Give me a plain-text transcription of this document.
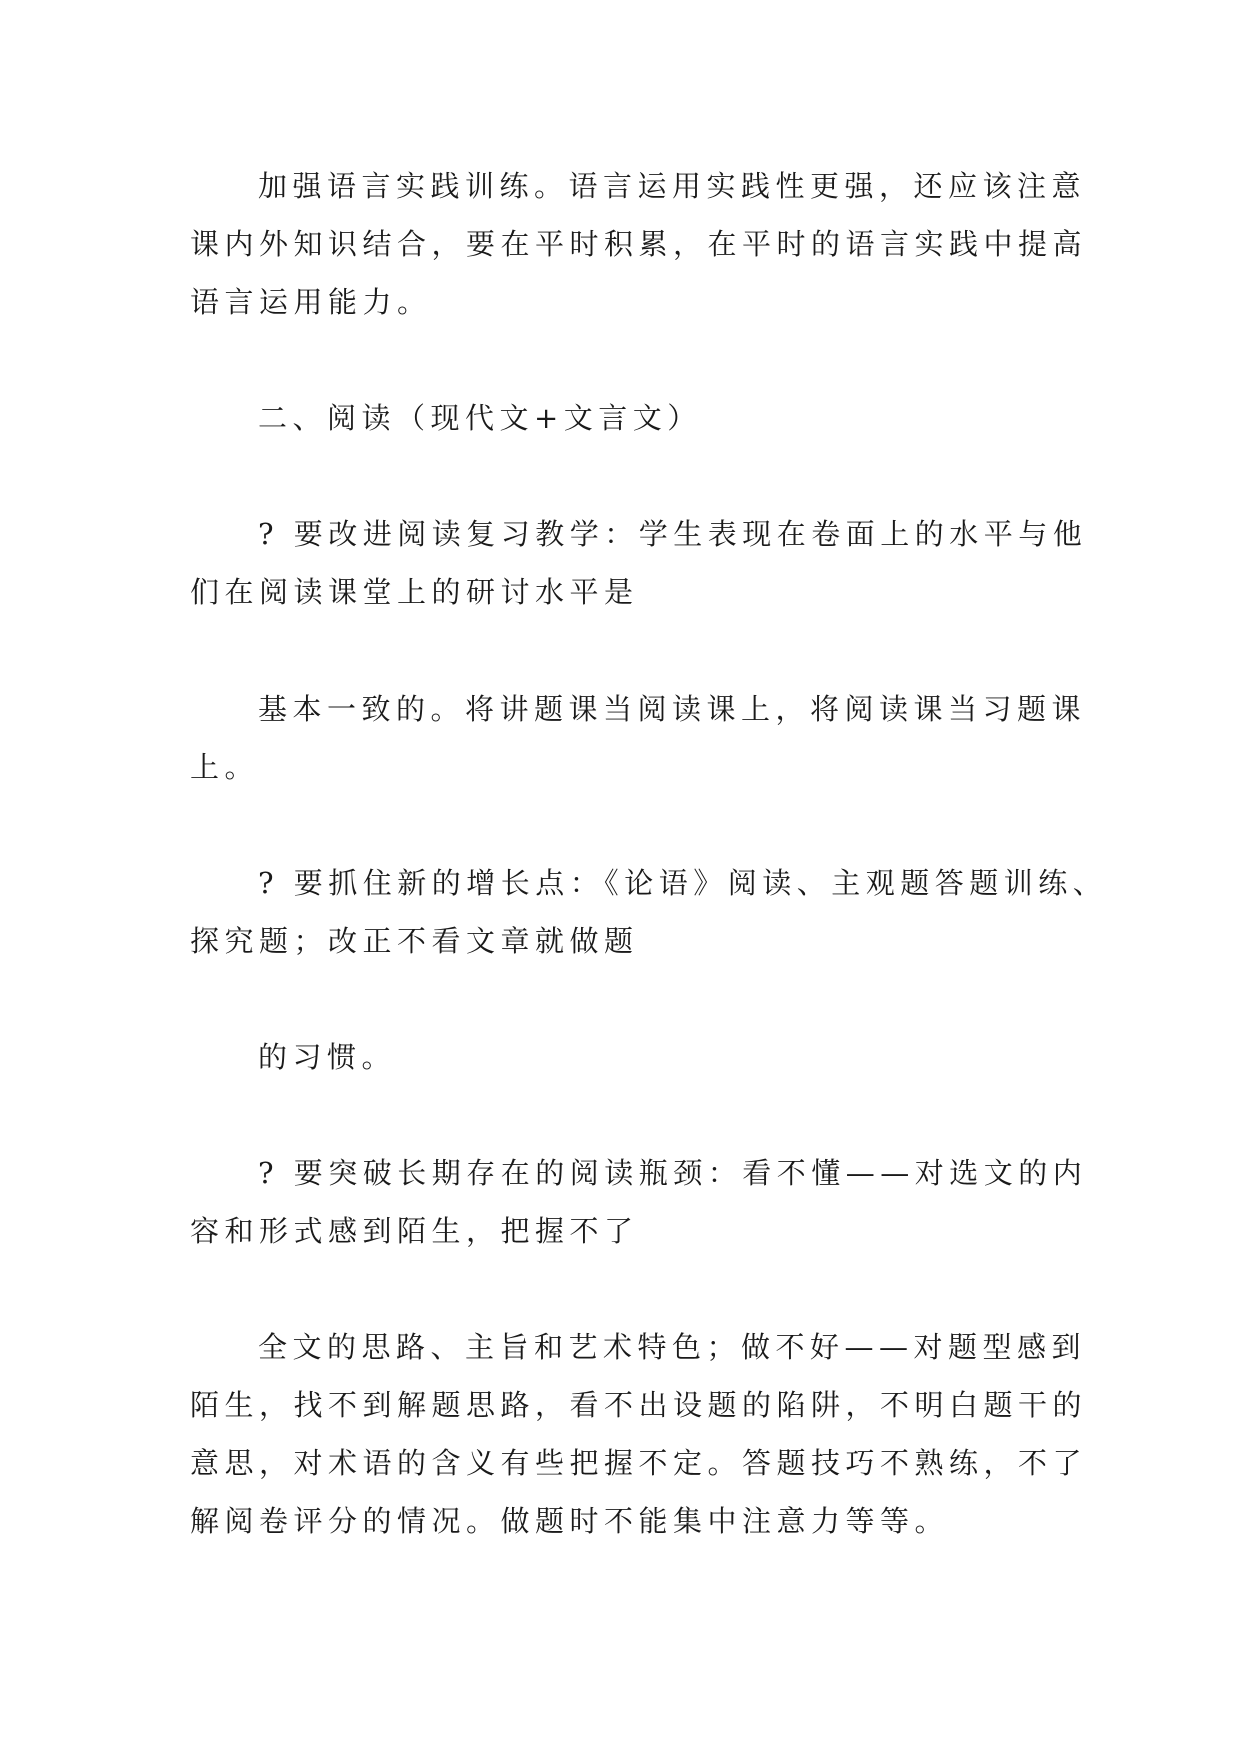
加强语言实践训练。语言运用实践性更强，还应该注意

课内外知识结合，要在平时积累，在平时的语言实践中提高

语言运用能力。

二、阅读（现代文+文言文）

? 要改进阅读复习教学：学生表现在卷面上的水平与他

们在阅读课堂上的研讨水平是

基本一致的。将讲题课当阅读课上，将阅读课当习题课

上。

? 要抓住新的增长点：《论语》阅读、主观题答题训练、

探究题；改正不看文章就做题

的习惯。

? 要突破长期存在的阅读瓶颈：看不懂——对选文的内

容和形式感到陌生，把握不了

全文的思路、主旨和艺术特色；做不好——对题型感到

陌生，找不到解题思路，看不出设题的陷阱，不明白题干的

意思，对术语的含义有些把握不定。答题技巧不熟练，不了

解阅卷评分的情况。做题时不能集中注意力等等。
